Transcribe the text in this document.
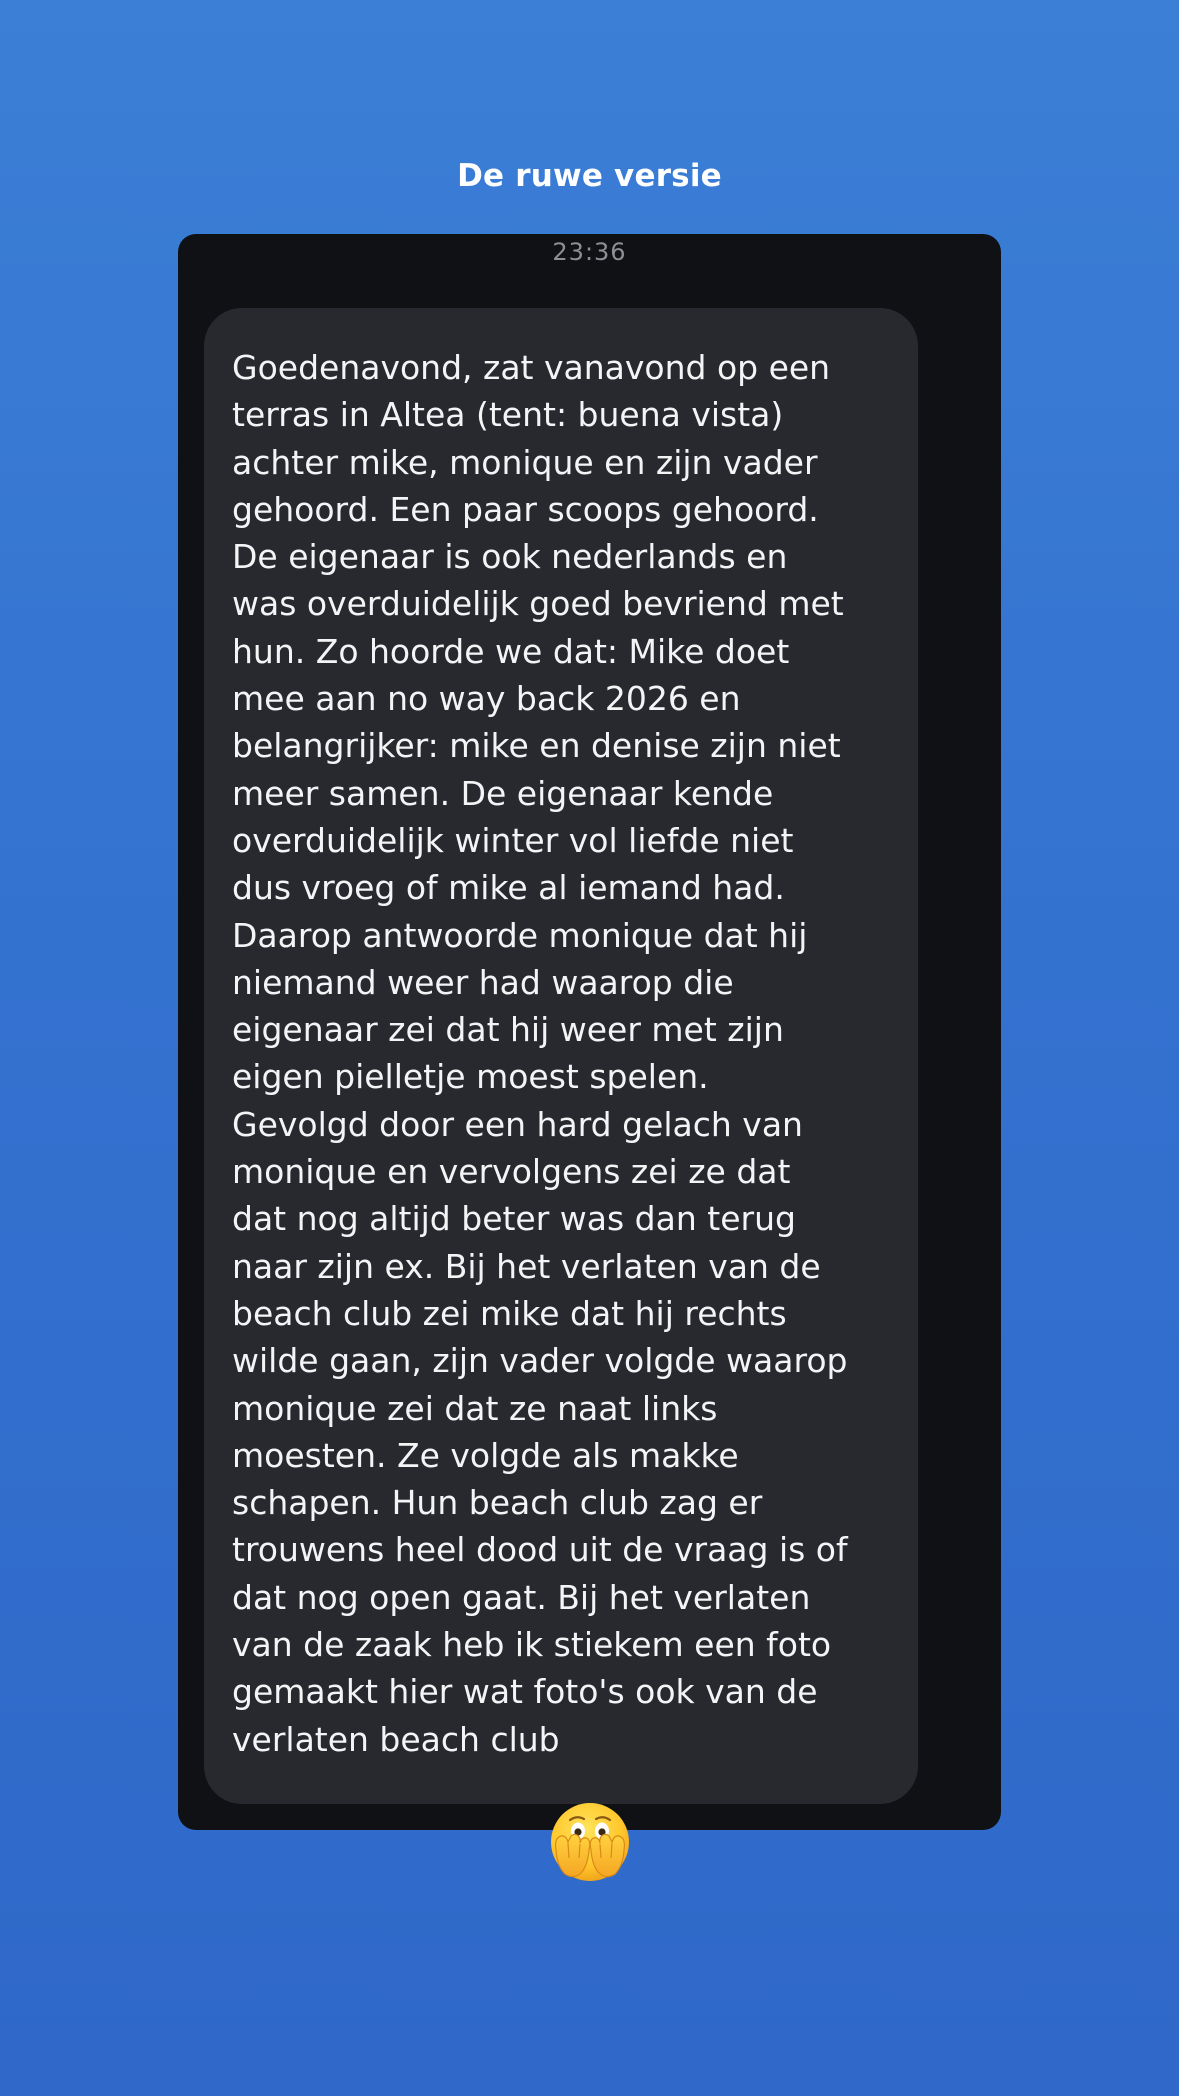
De ruwe versie
23:36

Goedenavond, zat vanavond op een
terras in Altea (tent: buena vista)
achter mike, monique en zijn vader
gehoord. Een paar scoops gehoord.
De eigenaar is ook nederlands en
was overduidelijk goed bevriend met
hun. Zo hoorde we dat: Mike doet
mee aan no way back 2026 en
belangrijker: mike en denise zijn niet
meer samen. De eigenaar kende
overduidelijk winter vol liefde niet
dus vroeg of mike al iemand had.
Daarop antwoorde monique dat hij
niemand weer had waarop die
eigenaar zei dat hij weer met zijn
eigen pielletje moest spelen.
Gevolgd door een hard gelach van
monique en vervolgens zei ze dat
dat nog altijd beter was dan terug
naar zijn ex. Bij het verlaten van de
beach club zei mike dat hij rechts
wilde gaan, zijn vader volgde waarop
monique zei dat ze naat links
moesten. Ze volgde als makke
schapen. Hun beach club zag er
trouwens heel dood uit de vraag is of
dat nog open gaat. Bij het verlaten
van de zaak heb ik stiekem een foto
gemaakt hier wat foto's ook van de
verlaten beach club
